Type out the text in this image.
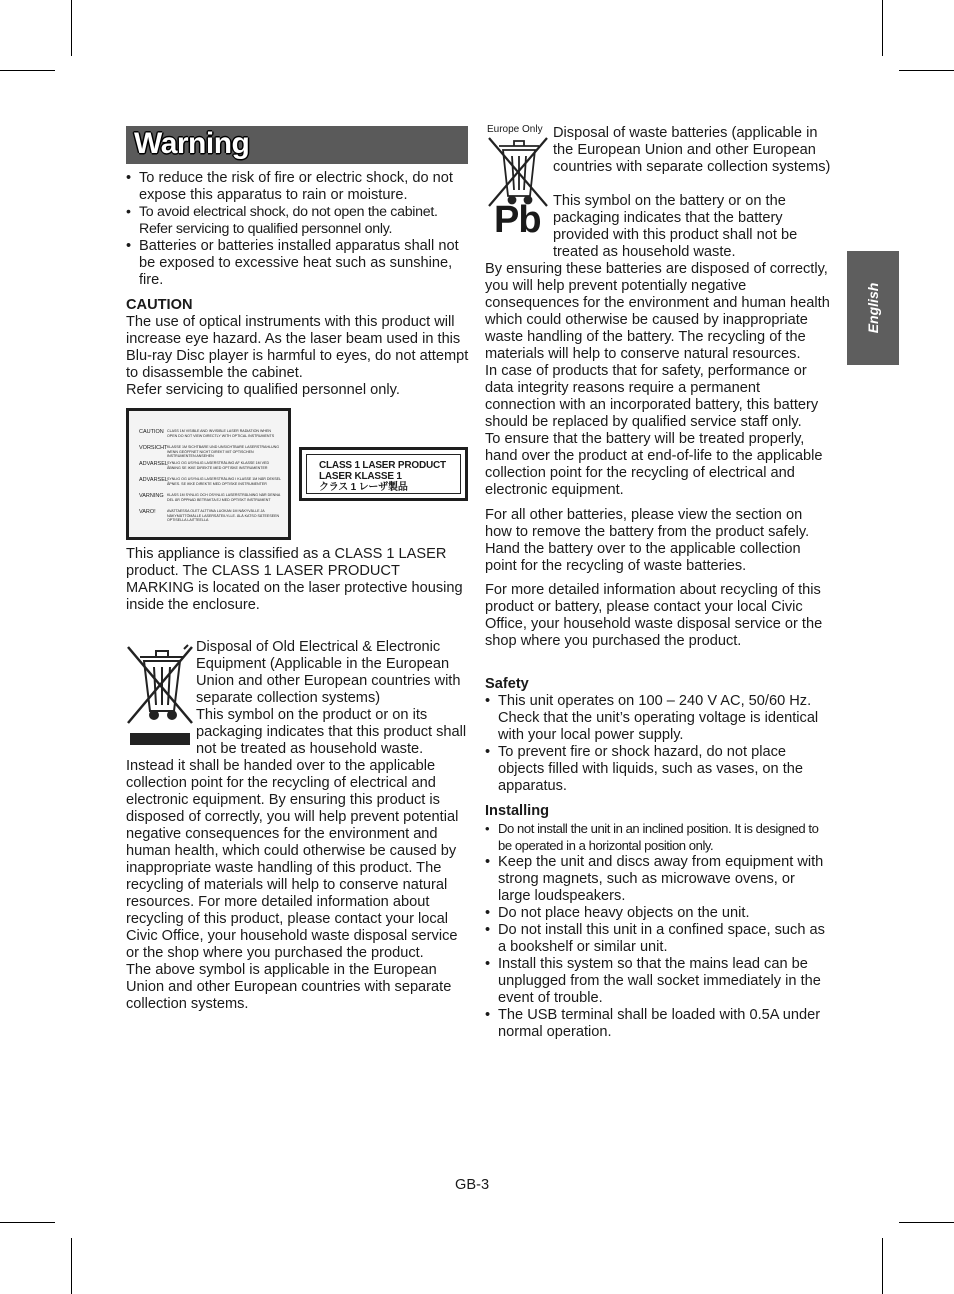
English
Warning
• To reduce the risk of fire or electric shock, do not expose this apparatus to rain or moisture.
• To avoid electrical shock, do not open the cabinet. Refer servicing to qualified personnel only.
• Batteries or batteries installed apparatus shall not be exposed to excessive heat such as sunshine, fire.

CAUTION

The use of optical instruments with this product will increase eye hazard. As the laser beam used in this Blu-ray Disc player is harmful to eyes, do not attempt to disassemble the cabinet.

Refer servicing to qualified personnel only.

CAUTION CLASS 1M VISIBLE AND INVISIBLE LASER RADIATION WHEN OPEN DO NOT VIEW DIRECTLY WITH OPTICAL INSTRUMENTS
VORSICHT KLASSE 1M SICHTBARE UND UNSICHTBARE LASERSTRAHLUNG WENN GEÖFFNET NICHT DIREKT MIT OPTISCHEN INSTRUMENTEN ANSEHEN
ADVARSEL SYNLIG OG USYNLIG LASERSTRÅLING AF KLASSE 1M VED ÅBNING SE IKKE DIREKTE MED OPTISKE INSTRUMENTER
ADVARSEL SYNLIG OG USYNLIG LASERSTRÅLING I KLASSE 1M NÅR DEKSEL ÅPNES. SE IKKE DIREKTE MED OPTISKE INSTRUMENTER
VARNING KLASS 1M SYNLIG OCH OSYNLIG LASERSTRÅLNING NÄR DENNA DEL ÄR ÖPPNAD BETRAKTA EJ MED OPTISKT INSTRUMENT
VARO!	AVATTAESSA OLET ALTTIINA LUOKAN 1M NÄKYVÄLLE JA NÄKYMÄTTÖMÄLLE LASERSÄTEILYLLE. ÄLÄ KATSO SÄTEESEEN OPTISELLA LAITTEELLA
CLASS 1 LASER PRODUCT
LASER KLASSE 1
クラス 1 レーザ製品

This appliance is classified as a CLASS 1 LASER product. The CLASS 1 LASER PRODUCT MARKING is located on the laser protective housing inside the enclosure.

Disposal of Old Electrical & Electronic Equipment (Applicable in the European Union and other European countries with separate collection systems)

This symbol on the product or on its packaging indicates that this product shall not be treated as household waste.

Instead it shall be handed over to the applicable collection point for the recycling of electrical and electronic equipment. By ensuring this product is disposed of correctly, you will help prevent potential negative consequences for the environment and human health, which could otherwise be caused by inappropriate waste handling of this product. The recycling of materials will help to conserve natural resources. For more detailed information about recycling of this product, please contact your local Civic Office, your household waste disposal service or the shop where you purchased the product.

The above symbol is applicable in the European Union and other European countries with separate collection systems.

Europe Only
Pb

Disposal of waste batteries (applicable in the European Union and other European countries with separate collection systems)

This symbol on the battery or on the packaging indicates that the battery provided with this product shall not be treated as household waste.

By ensuring these batteries are disposed of correctly, you will help prevent potentially negative consequences for the environment and human health which could otherwise be caused by inappropriate waste handling of the battery. The recycling of the materials will help to conserve natural resources.

In case of products that for safety, performance or data integrity reasons require a permanent connection with an incorporated battery, this battery should be replaced by qualified service staff only.

To ensure that the battery will be treated properly, hand over the product at end-of-life to the applicable collection point for the recycling of electrical and electronic equipment.

For all other batteries, please view the section on how to remove the battery from the product safely. Hand the battery over to the applicable collection point for the recycling of waste batteries.

For more detailed information about recycling of this product or battery, please contact your local Civic Office, your household waste disposal service or the shop where you purchased the product.

Safety

• This unit operates on 100 – 240 V AC, 50/60 Hz. Check that the unit’s operating voltage is identical with your local power supply.
• To prevent fire or shock hazard, do not place objects filled with liquids, such as vases, on the apparatus.

Installing

• Do not install the unit in an inclined position. It is designed to be operated in a horizontal position only.
• Keep the unit and discs away from equipment with strong magnets, such as microwave ovens, or large loudspeakers.
• Do not place heavy objects on the unit.
• Do not install this unit in a confined space, such as a bookshelf or similar unit.
• Install this system so that the mains lead can be unplugged from the wall socket immediately in the event of trouble.
• The USB terminal shall be loaded with 0.5A under normal operation.
GB-3
